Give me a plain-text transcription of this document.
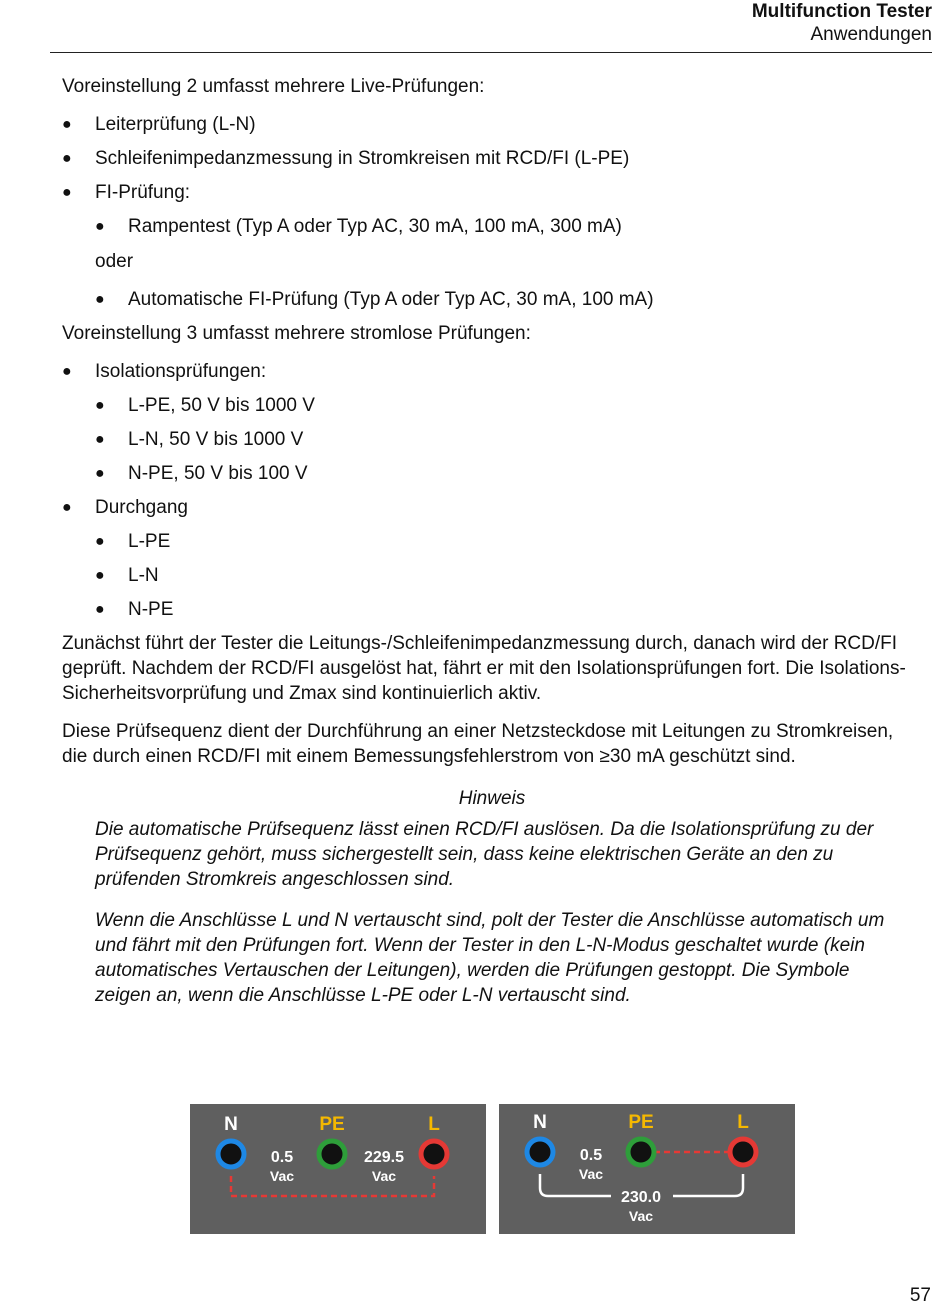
Multifunction Tester
Anwendungen

Voreinstellung 2 umfasst mehrere Live-Prüfungen:

● Leiterprüfung (L-N)
● Schleifenimpedanzmessung in Stromkreisen mit RCD/FI (L-PE)
● FI-Prüfung:
● Rampentest (Typ A oder Typ AC, 30 mA, 100 mA, 300 mA)
oder
● Automatische FI-Prüfung (Typ A oder Typ AC, 30 mA, 100 mA)

Voreinstellung 3 umfasst mehrere stromlose Prüfungen:

● Isolationsprüfungen:
● L-PE, 50 V bis 1000 V
● L-N, 50 V bis 1000 V
● N-PE, 50 V bis 100 V
● Durchgang
● L-PE
● L-N
● N-PE

Zunächst führt der Tester die Leitungs-/Schleifenimpedanzmessung durch, danach wird der RCD/FI geprüft. Nachdem der RCD/FI ausgelöst hat, fährt er mit den Isolationsprüfungen fort. Die Isolations-Sicherheitsvorprüfung und Zmax sind kontinuierlich aktiv.

Diese Prüfsequenz dient der Durchführung an einer Netzsteckdose mit Leitungen zu Stromkreisen, die durch einen RCD/FI mit einem Bemessungsfehlerstrom von ≥30 mA geschützt sind.

Hinweis

Die automatische Prüfsequenz lässt einen RCD/FI auslösen. Da die Isolationsprüfung zu der Prüfsequenz gehört, muss sichergestellt sein, dass keine elektrischen Geräte an den zu prüfenden Stromkreis angeschlossen sind.

Wenn die Anschlüsse L und N vertauscht sind, polt der Tester die Anschlüsse automatisch um und fährt mit den Prüfungen fort. Wenn der Tester in den L-N-Modus geschaltet wurde (kein automatisches Vertauschen der Leitungen), werden die Prüfungen gestoppt. Die Symbole zeigen an, wenn die Anschlüsse L-PE oder L-N vertauscht sind.

N	PE	L
0.5
Vac
229.5
Vac
N	PE	L
0.5
Vac
230.0
Vac
57
